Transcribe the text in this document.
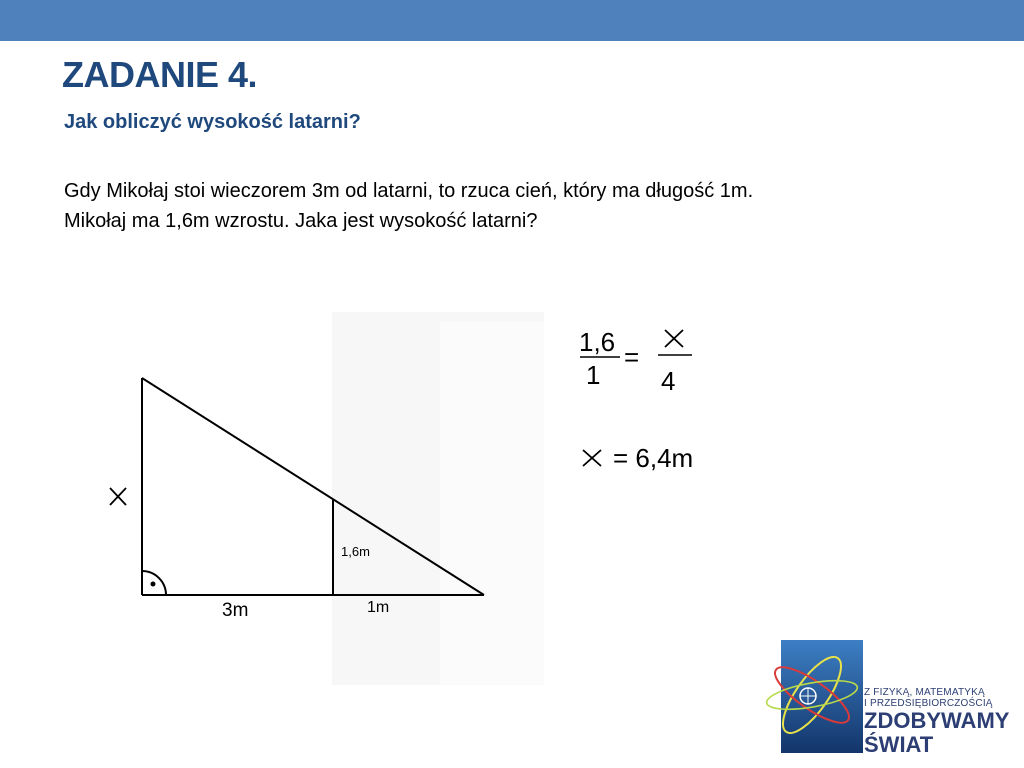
ZADANIE 4.
Jak obliczyć wysokość latarni?
Gdy Mikołaj stoi wieczorem 3m od latarni, to rzuca cień, który ma długość 1m.
Mikołaj ma 1,6m wzrostu. Jaka jest wysokość latarni?
1,6m
3m	1m
1,6
1
=
4
= 6,4m
Z FIZYKĄ, MATEMATYKĄ
I PRZEDSIĘBIORCZOŚCIĄ
ZDOBYWAMY
ŚWIAT
